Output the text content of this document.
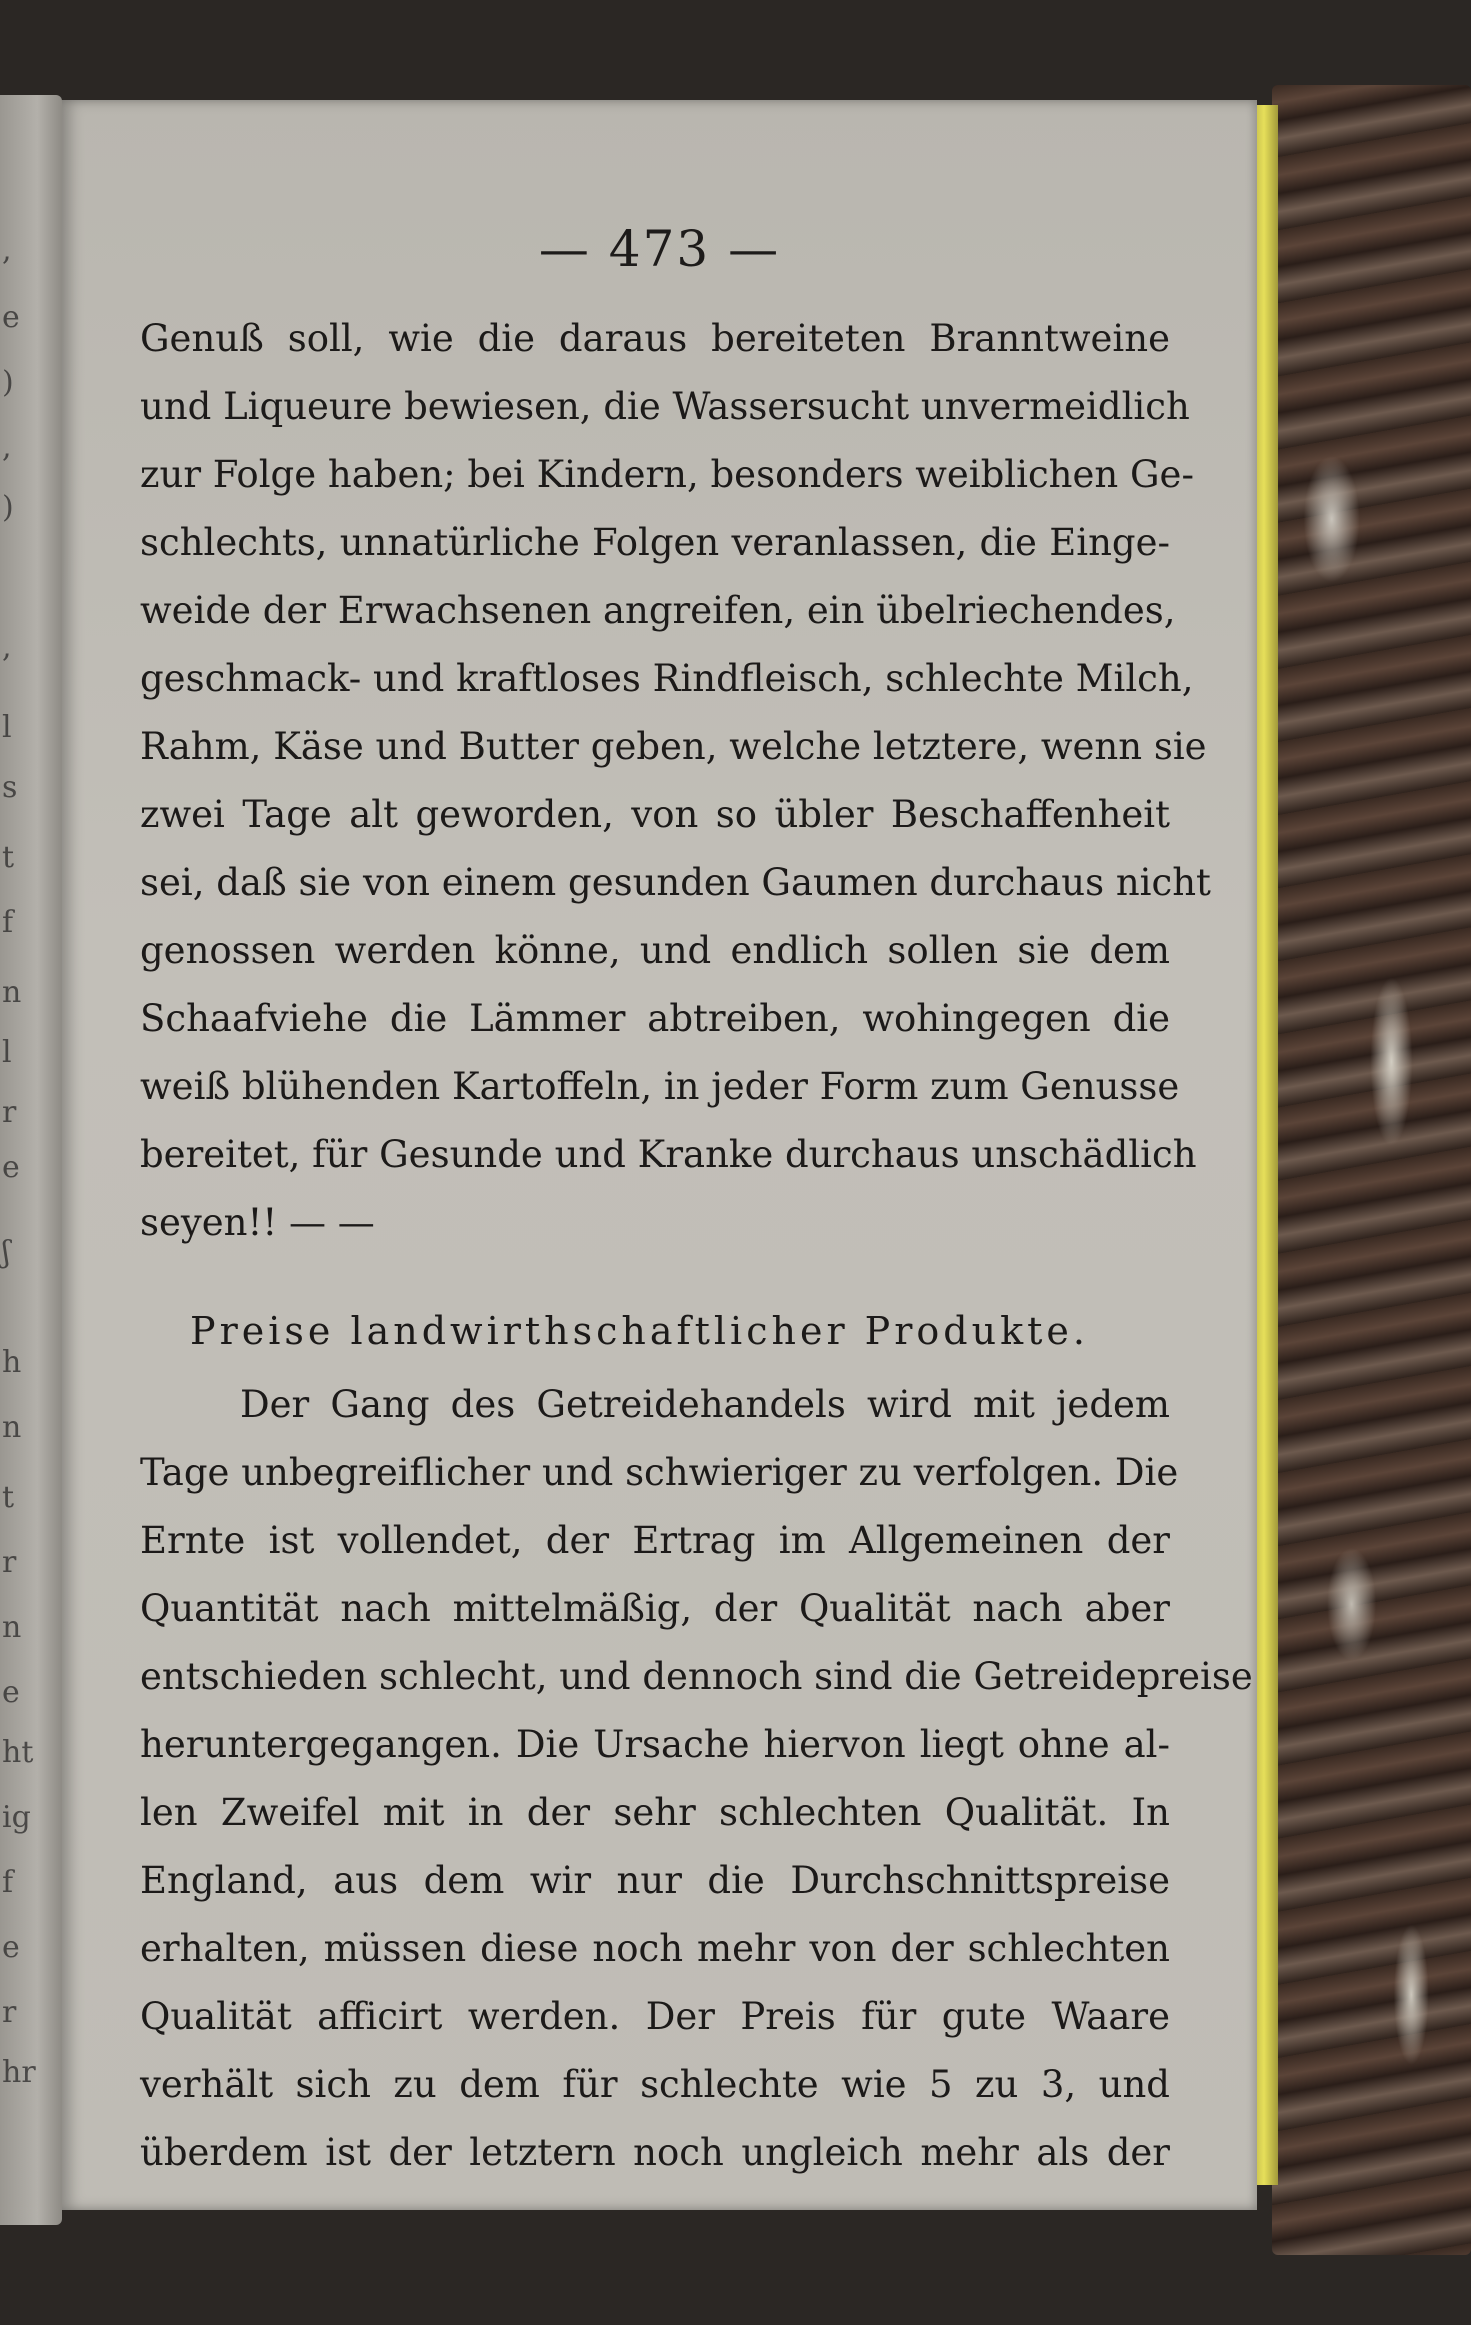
,
e
)
,
)
,
l
s
t
f
n
l
r
e
ʃ
h
n
t
r
n
e
ht
ig
f
e
r
hr
— 473 —
Genuß soll, wie die daraus bereiteten Branntweine
und Liqueure bewiesen, die Wassersucht unvermeidlich
zur Folge haben; bei Kindern, besonders weiblichen Ge-
schlechts, unnatürliche Folgen veranlassen, die Einge-
weide der Erwachsenen angreifen, ein übelriechendes,
geschmack- und kraftloses Rindfleisch, schlechte Milch,
Rahm, Käse und Butter geben, welche letztere, wenn sie
zwei Tage alt geworden, von so übler Beschaffenheit
sei, daß sie von einem gesunden Gaumen durchaus nicht
genossen werden könne, und endlich sollen sie dem
Schaafviehe die Lämmer abtreiben, wohingegen die
weiß blühenden Kartoffeln, in jeder Form zum Genusse
bereitet, für Gesunde und Kranke durchaus unschädlich
seyen!! — —
Preise landwirthschaftlicher Produkte.
Der Gang des Getreidehandels wird mit jedem
Tage unbegreiflicher und schwieriger zu verfolgen. Die
Ernte ist vollendet, der Ertrag im Allgemeinen der
Quantität nach mittelmäßig, der Qualität nach aber
entschieden schlecht, und dennoch sind die Getreidepreise
heruntergegangen. Die Ursache hiervon liegt ohne al-
len Zweifel mit in der sehr schlechten Qualität. In
England, aus dem wir nur die Durchschnittspreise
erhalten, müssen diese noch mehr von der schlechten
Qualität afficirt werden. Der Preis für gute Waare
verhält sich zu dem für schlechte wie 5 zu 3, und
überdem ist der letztern noch ungleich mehr als der
